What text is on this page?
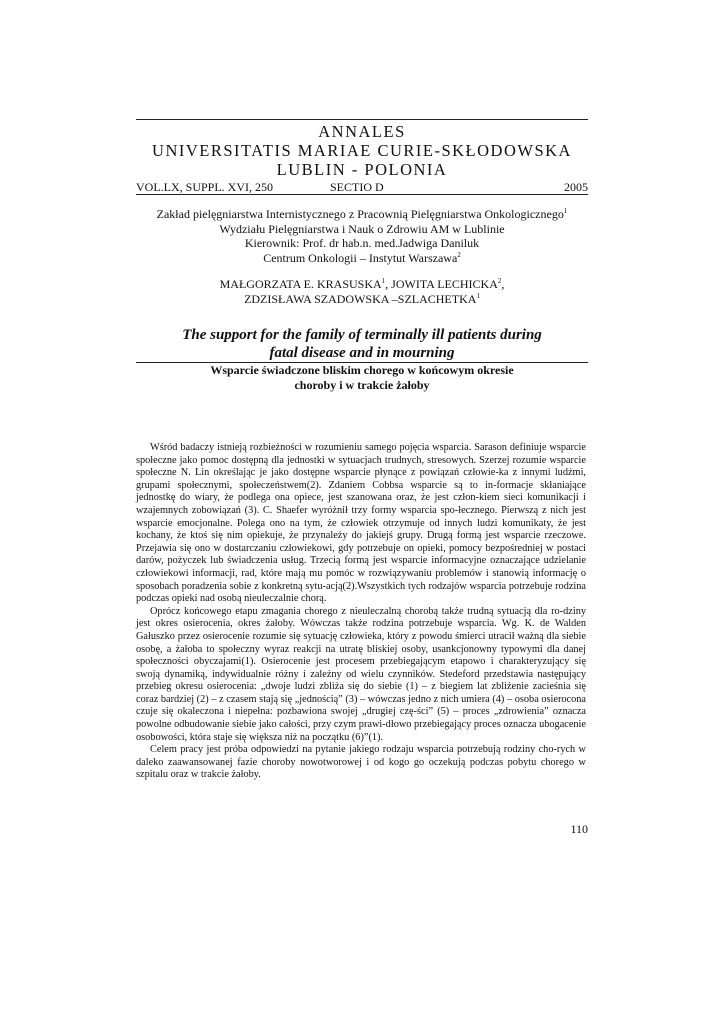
ANNALES
UNIVERSITATIS MARIAE CURIE-SKŁODOWSKA
LUBLIN - POLONIA
VOL.LX, SUPPL. XVI, 250	SECTIO D	2005
Zakład pielęgniarstwa Internistycznego z Pracownią Pielęgniarstwa Onkologicznego$^1$
Wydziału Pielęgniarstwa i Nauk o Zdrowiu AM w Lublinie
Kierownik: Prof. dr hab.n. med.Jadwiga Daniluk
Centrum Onkologii – Instytut Warszawa$^2$
MAŁGORZATA E. KRASUSKA$^1$, JOWITA LECHICKA$^2$,
ZDZISŁAWA SZADOWSKA –SZLACHETKA$^1$
The support for the family of terminally ill patients during
fatal disease and in mourning
Wsparcie świadczone bliskim chorego w końcowym okresie
choroby i w trakcie żałoby

Wśród badaczy istnieją rozbieżności w rozumieniu samego pojęcia wsparcia. Sarason definiuje wsparcie społeczne jako pomoc dostępną dla jednostki w sytuacjach trudnych, stresowych. Szerzej rozumie wsparcie społeczne N. Lin określając je jako dostępne wsparcie płynące z powiązań człowie-ka z innymi ludźmi, grupami społecznymi, społeczeństwem(2). Zdaniem Cobbsa wsparcie są to in-formacje skłaniające jednostkę do wiary, że podlega ona opiece, jest szanowana oraz, że jest człon-kiem sieci komunikacji i wzajemnych zobowiązań (3). C. Shaefer wyróżnił trzy formy wsparcia spo-łecznego. Pierwszą z nich jest wsparcie emocjonalne. Polega ono na tym, że człowiek otrzymuje od innych ludzi komunikaty, że jest kochany, że ktoś się nim opiekuje, że przynależy do jakiejś grupy. Drugą formą jest wsparcie rzeczowe. Przejawia się ono w dostarczaniu człowiekowi, gdy potrzebuje on opieki, pomocy bezpośredniej w postaci darów, pożyczek lub świadczenia usług. Trzecią formą jest wsparcie informacyjne oznaczające udzielanie człowiekowi informacji, rad, które mają mu pomóc w rozwiązywaniu problemów i stanowią informację o sposobach poradzenia sobie z konkretną sytu-acją(2).Wszystkich tych rodzajów wsparcia potrzebuje rodzina podczas opieki nad osobą nieuleczalnie chorą.

Oprócz końcowego etapu zmagania chorego z nieuleczalną chorobą także trudną sytuacją dla ro-dziny jest okres osierocenia, okres żałoby. Wówczas także rodzina potrzebuje wsparcia. Wg. K. de Walden Gałuszko przez osierocenie rozumie się sytuację człowieka, który z powodu śmierci utracił ważną dla siebie osobę, a żałoba to społeczny wyraz reakcji na utratę bliskiej osoby, usankcjonowny typowymi dla danej społeczności obyczajami(1). Osierocenie jest procesem przebiegającym etapowo i charakteryzujący się swoją dynamiką, indywidualnie różny i zależny od wielu czynników. Stedeford przedstawia następujący przebieg okresu osierocenia: „dwoje ludzi zbliża się do siebie (1) – z biegiem lat zbliżenie zacieśnia się coraz bardziej (2) – z czasem stają się „jednością” (3) – wówczas jedno z nich umiera (4) – osoba osierocona czuje się okaleczona i niepełna: pozbawiona swojej „drugiej czę-ści” (5) – proces „zdrowienia” oznacza powolne odbudowanie siebie jako całości, przy czym prawi-dłowo przebiegający proces oznacza ubogacenie osobowości, która staje się większa niż na początku (6)”(1).

Celem pracy jest próba odpowiedzi na pytanie jakiego rodzaju wsparcia potrzebują rodziny cho-rych w daleko zaawansowanej fazie choroby nowotworowej i od kogo go oczekują podczas pobytu chorego w szpitalu oraz w trakcie żałoby.

110
